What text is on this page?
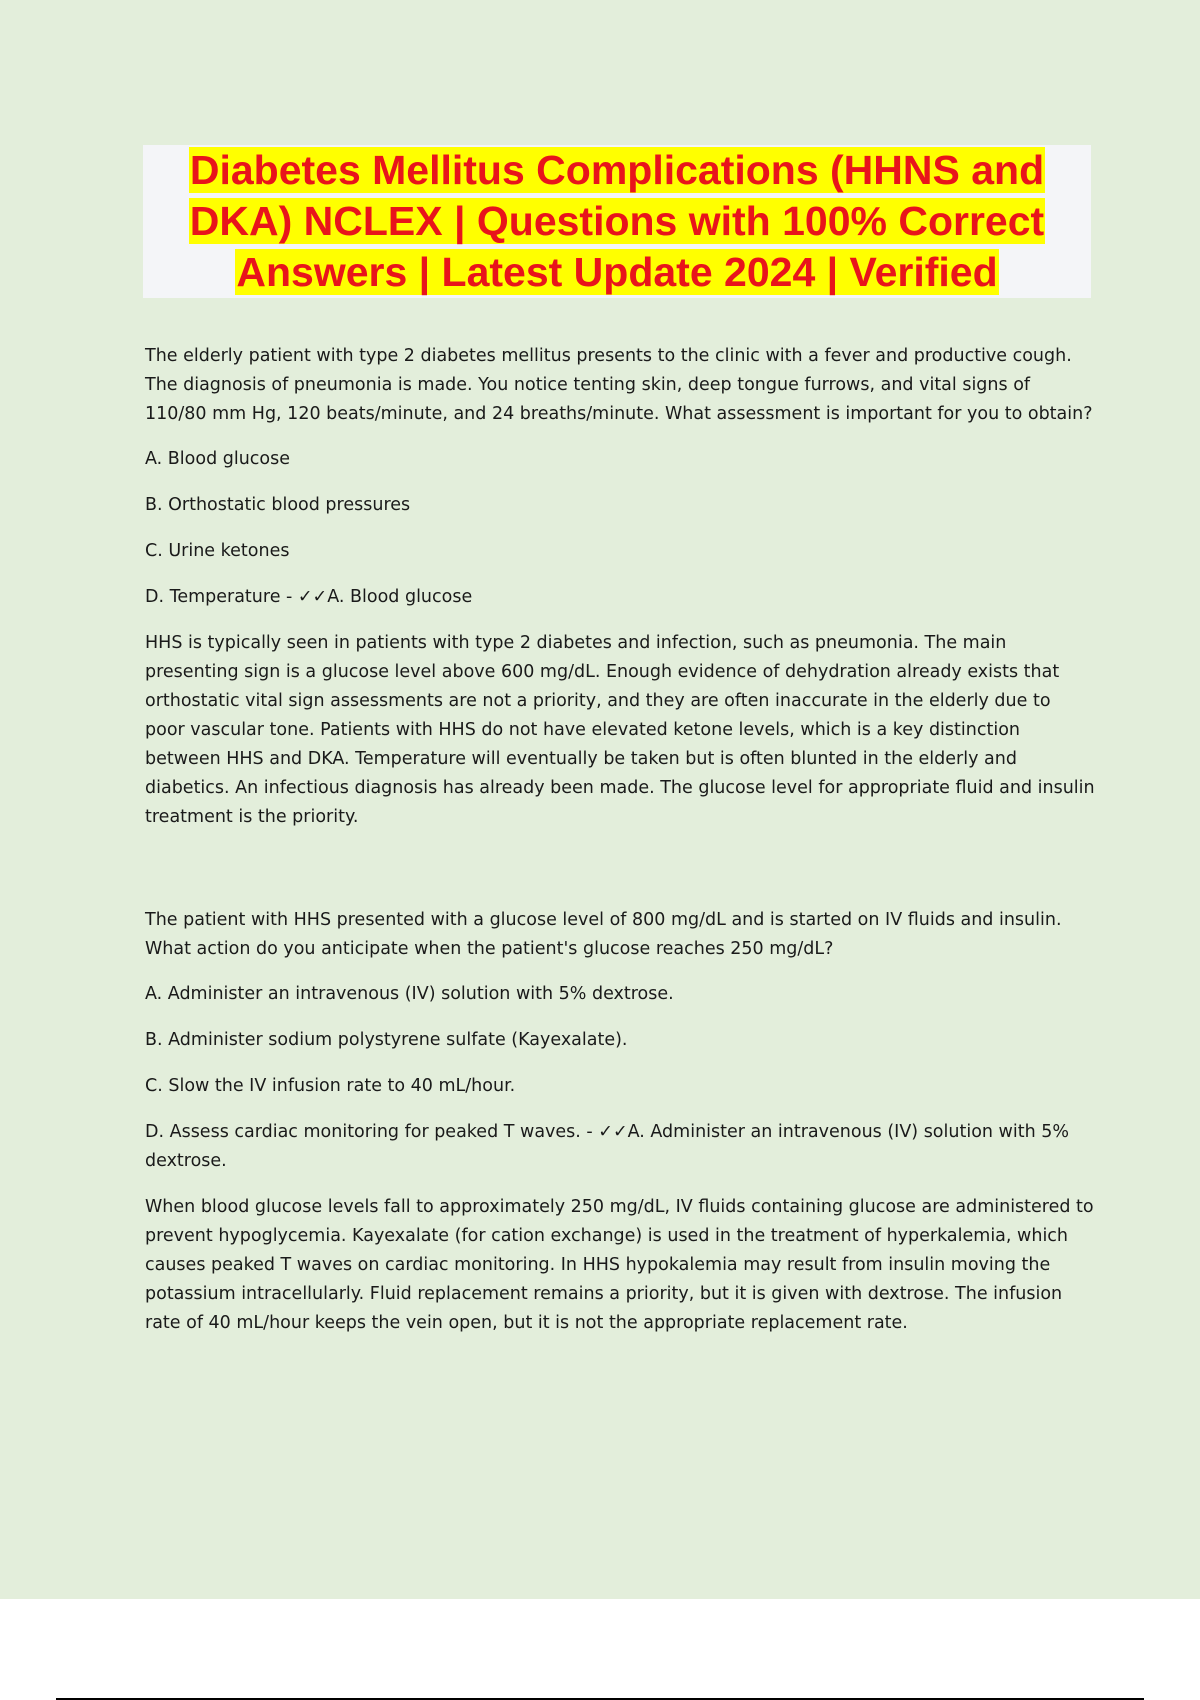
Diabetes Mellitus Complications (HHNS and
DKA) NCLEX | Questions with 100% Correct
Answers | Latest Update 2024 | Verified

The elderly patient with type 2 diabetes mellitus presents to the clinic with a fever and productive cough. The diagnosis of pneumonia is made. You notice tenting skin, deep tongue furrows, and vital signs of 110/80 mm Hg, 120 beats/minute, and 24 breaths/minute. What assessment is important for you to obtain?

A. Blood glucose

B. Orthostatic blood pressures

C. Urine ketones

D. Temperature - ✓✓A. Blood glucose

HHS is typically seen in patients with type 2 diabetes and infection, such as pneumonia. The main presenting sign is a glucose level above 600 mg/dL. Enough evidence of dehydration already exists that orthostatic vital sign assessments are not a priority, and they are often inaccurate in the elderly due to poor vascular tone. Patients with HHS do not have elevated ketone levels, which is a key distinction between HHS and DKA. Temperature will eventually be taken but is often blunted in the elderly and diabetics. An infectious diagnosis has already been made. The glucose level for appropriate fluid and insulin treatment is the priority.

The patient with HHS presented with a glucose level of 800 mg/dL and is started on IV fluids and insulin. What action do you anticipate when the patient's glucose reaches 250 mg/dL?

A. Administer an intravenous (IV) solution with 5% dextrose.

B. Administer sodium polystyrene sulfate (Kayexalate).

C. Slow the IV infusion rate to 40 mL/hour.

D. Assess cardiac monitoring for peaked T waves. - ✓✓A. Administer an intravenous (IV) solution with 5% dextrose.

When blood glucose levels fall to approximately 250 mg/dL, IV fluids containing glucose are administered to prevent hypoglycemia. Kayexalate (for cation exchange) is used in the treatment of hyperkalemia, which causes peaked T waves on cardiac monitoring. In HHS hypokalemia may result from insulin moving the potassium intracellularly. Fluid replacement remains a priority, but it is given with dextrose. The infusion rate of 40 mL/hour keeps the vein open, but it is not the appropriate replacement rate.
